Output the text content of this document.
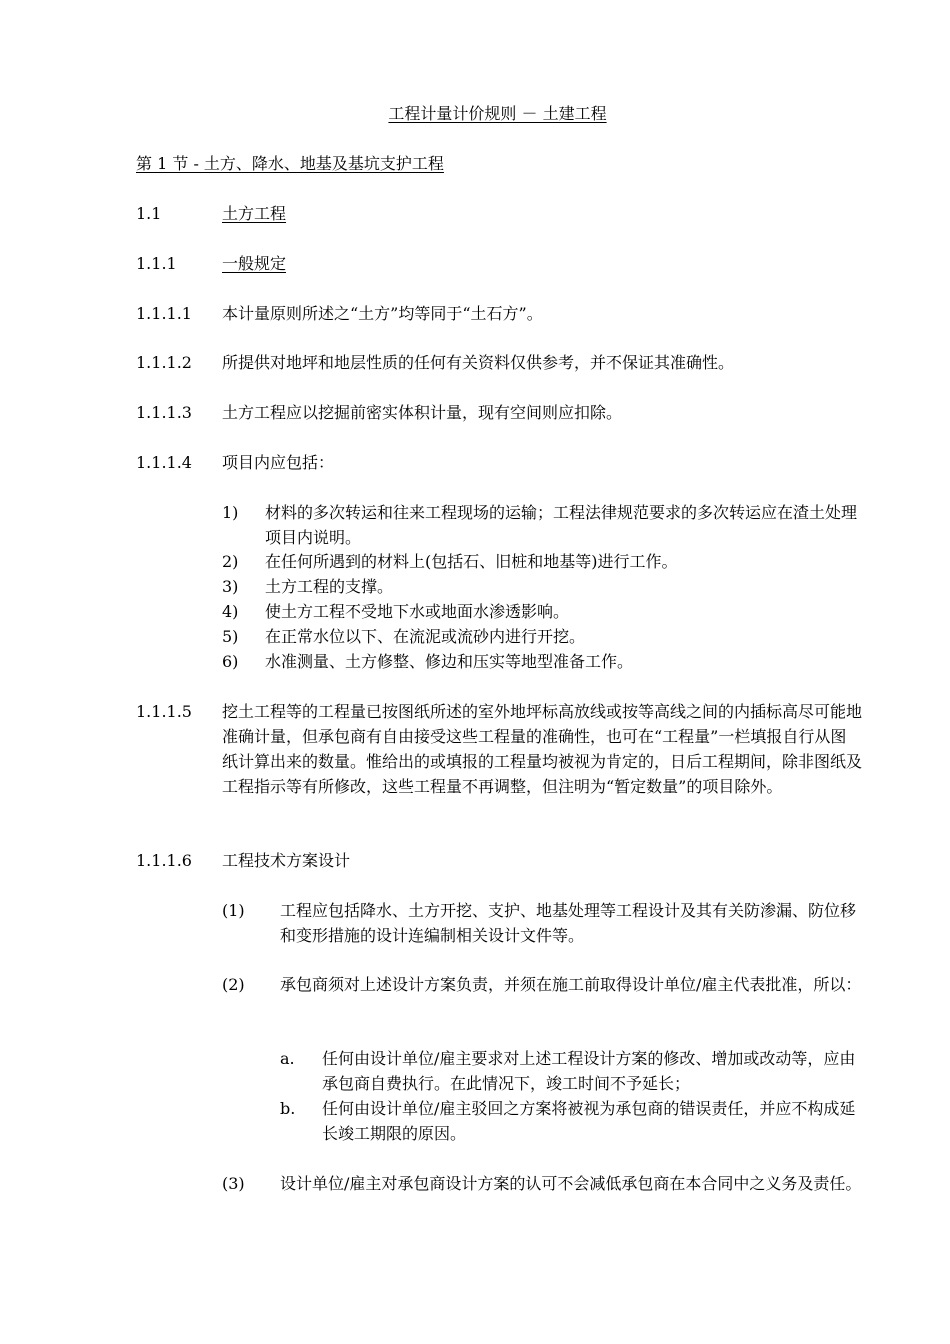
工程计量计价规则 － 土建工程
第 1 节 - 土方、降水、地基及基坑支护工程
1.1	土方工程
1.1.1	一般规定
1.1.1.1 本计量原则所述之“土方”均等同于“土石方”。
1.1.1.2 所提供对地坪和地层性质的任何有关资料仅供参考，并不保证其准确性。
1.1.1.3 土方工程应以挖掘前密实体积计量，现有空间则应扣除。
1.1.1.4 项目内应包括：
1) 材料的多次转运和往来工程现场的运输；工程法律规范要求的多次转运应在渣土处理项目内说明。
2) 在任何所遇到的材料上(包括石、旧桩和地基等)进行工作。
3) 土方工程的支撑。
4) 使土方工程不受地下水或地面水渗透影响。
5) 在正常水位以下、在流泥或流砂内进行开挖。
6) 水准测量、土方修整、修边和压实等地型准备工作。
1.1.1.5 挖土工程等的工程量已按图纸所述的室外地坪标高放线或按等高线之间的内插标高尽可能地准确计量，但承包商有自由接受这些工程量的准确性，也可在“工程量”一栏填报自行从图纸计算出来的数量。惟给出的或填报的工程量均被视为肯定的，日后工程期间，除非图纸及工程指示等有所修改，这些工程量不再调整，但注明为“暂定数量”的项目除外。
1.1.1.6 工程技术方案设计
(1) 工程应包括降水、土方开挖、支护、地基处理等工程设计及其有关防渗漏、防位移和变形措施的设计连编制相关设计文件等。
(2) 承包商须对上述设计方案负责，并须在施工前取得设计单位/雇主代表批准，所以：
a. 任何由设计单位/雇主要求对上述工程设计方案的修改、增加或改动等，应由承包商自费执行。在此情况下，竣工时间不予延长；
b. 任何由设计单位/雇主驳回之方案将被视为承包商的错误责任，并应不构成延长竣工期限的原因。
(3) 设计单位/雇主对承包商设计方案的认可不会减低承包商在本合同中之义务及责任。
